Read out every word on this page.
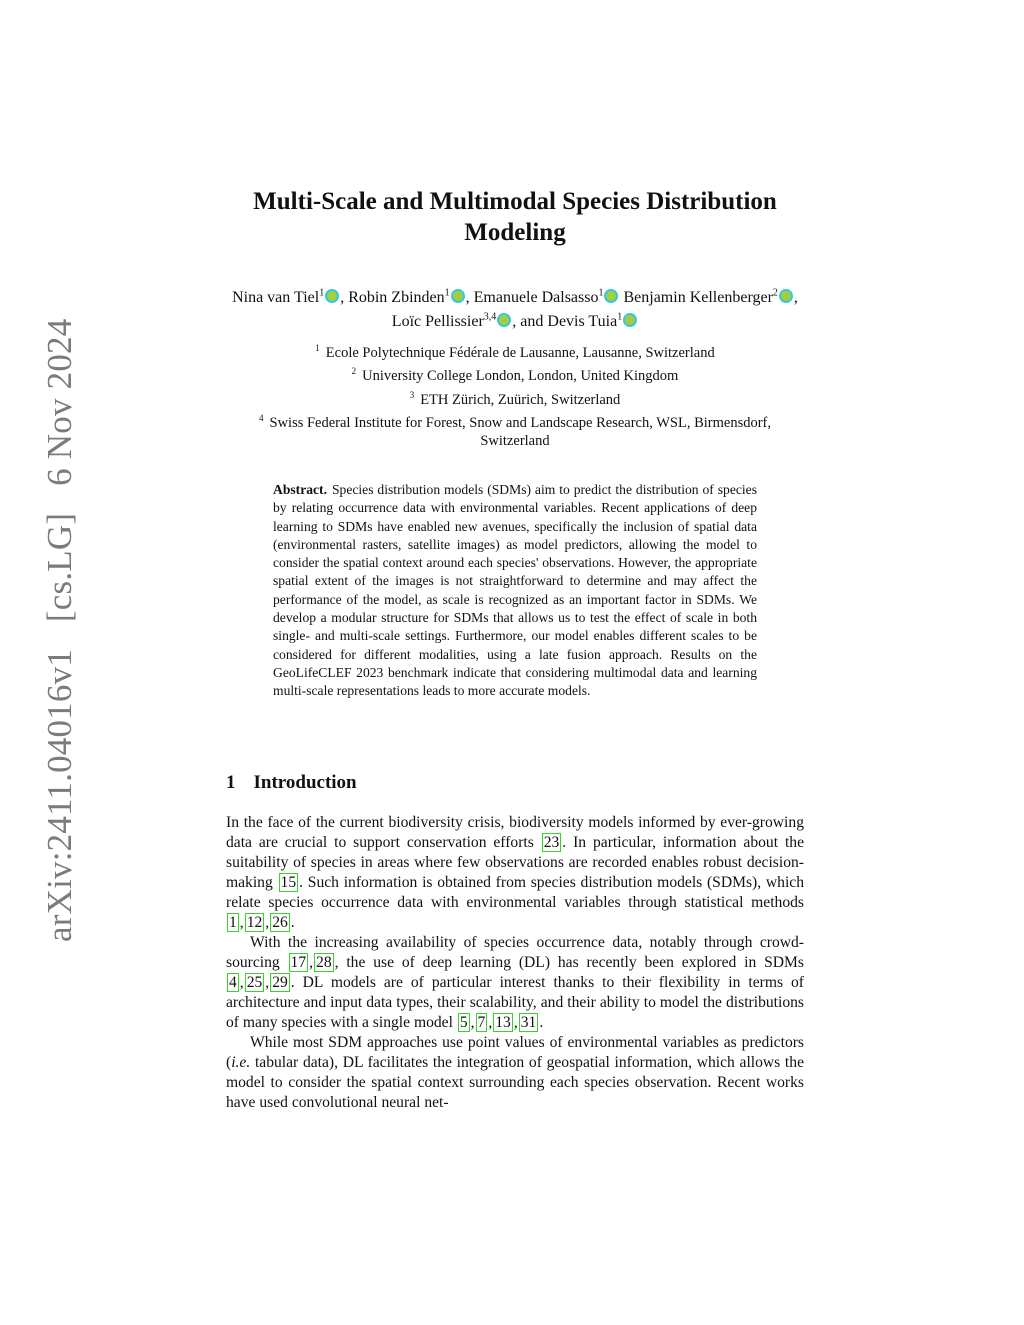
arXiv:2411.04016v1 [cs.LG] 6 Nov 2024
Multi-Scale and Multimodal Species Distribution
Modeling
Nina van Tiel$^1$ , Robin Zbinden$^1$ , Emanuele Dalsasso$^1$ Benjamin Kellenberger$^2$ , Loïc Pellissier$^{3,4}$ , and Devis Tuia$^1$
$^1$ Ecole Polytechnique Fédérale de Lausanne, Lausanne, Switzerland
$^2$ University College London, London, United Kingdom
$^3$ ETH Zürich, Zuürich, Switzerland
$^4$ Swiss Federal Institute for Forest, Snow and Landscape Research, WSL, Birmensdorf, Switzerland
Abstract. Species distribution models (SDMs) aim to predict the distribution of species by relating occurrence data with environmental variables. Recent applications of deep learning to SDMs have enabled new avenues, specifically the inclusion of spatial data (environmental rasters, satellite images) as model predictors, allowing the model to consider the spatial context around each species' observations. However, the appropriate spatial extent of the images is not straightforward to determine and may affect the performance of the model, as scale is recognized as an important factor in SDMs. We develop a modular structure for SDMs that allows us to test the effect of scale in both single- and multi-scale settings. Furthermore, our model enables different scales to be considered for different modalities, using a late fusion approach. Results on the GeoLifeCLEF 2023 benchmark indicate that considering multimodal data and learning multi-scale representations leads to more accurate models.
1 Introduction

In the face of the current biodiversity crisis, biodiversity models informed by ever-growing data are crucial to support conservation efforts 23 . In particular, information about the suitability of species in areas where few observations are recorded enables robust decision-making 15 . Such information is obtained from species distribution models (SDMs), which relate species occurrence data with environmental variables through statistical methods 1 , 12 , 26 .

With the increasing availability of species occurrence data, notably through crowd-sourcing 17 , 28 , the use of deep learning (DL) has recently been explored in SDMs 4 , 25 , 29 . DL models are of particular interest thanks to their flexibility in terms of architecture and input data types, their scalability, and their ability to model the distributions of many species with a single model 5 , 7 , 13 , 31 .

While most SDM approaches use point values of environmental variables as predictors (i.e. tabular data), DL facilitates the integration of geospatial information, which allows the model to consider the spatial context surrounding each species observation. Recent works have used convolutional neural net-
